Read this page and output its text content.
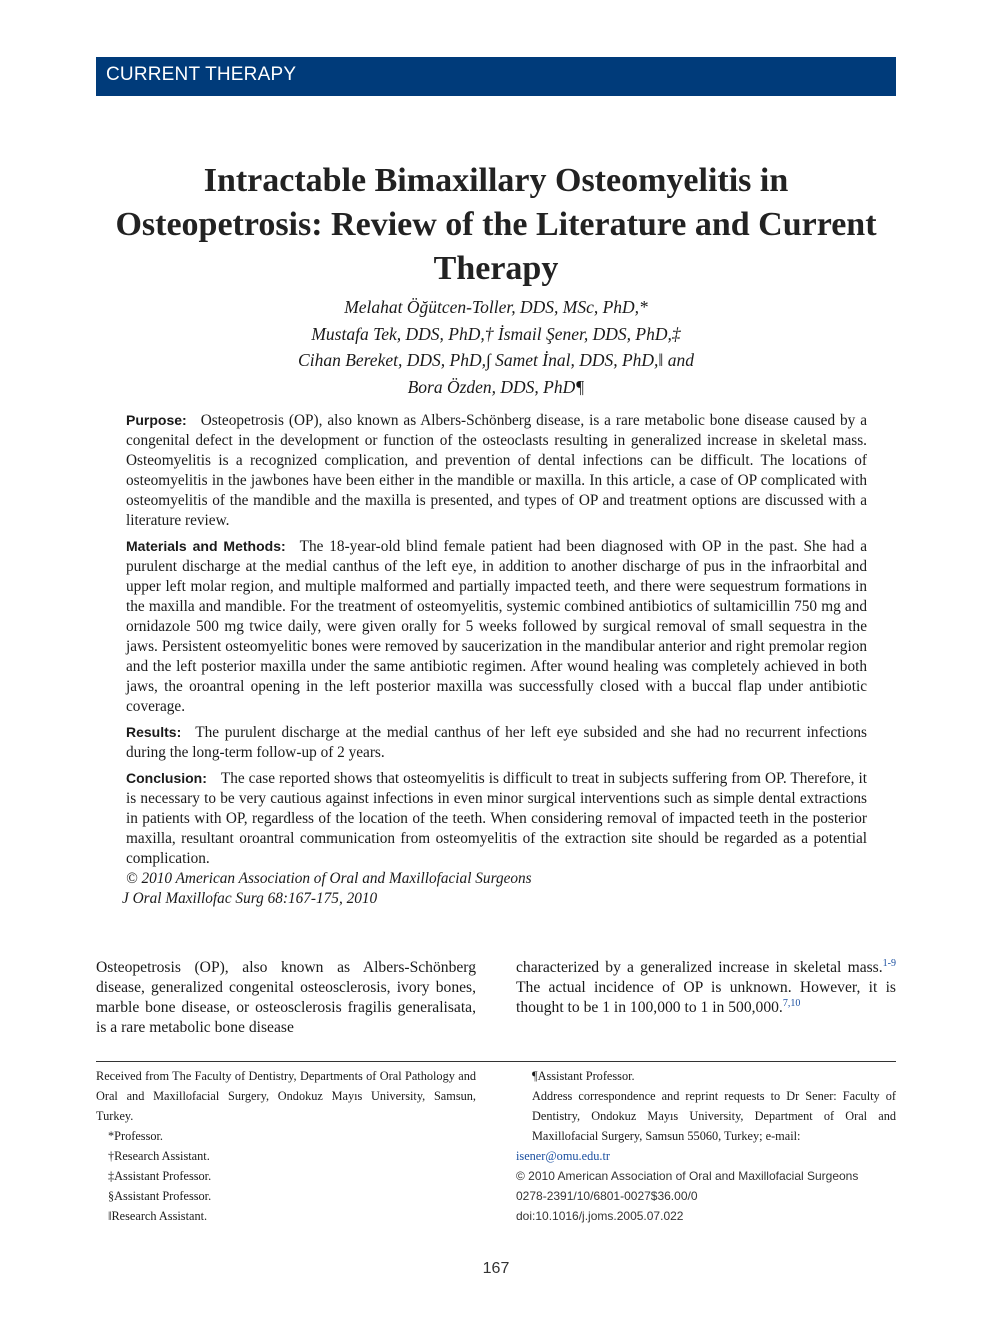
CURRENT THERAPY
Intractable Bimaxillary Osteomyelitis in Osteopetrosis: Review of the Literature and Current Therapy
Melahat Öğütcen-Toller, DDS, MSc, PhD,*
Mustafa Tek, DDS, PhD,† İsmail Şener, DDS, PhD,‡
Cihan Bereket, DDS, PhD,∫ Samet İnal, DDS, PhD,‖ and
Bora Özden, DDS, PhD¶

Purpose: Osteopetrosis (OP), also known as Albers-Schönberg disease, is a rare metabolic bone disease caused by a congenital defect in the development or function of the osteoclasts resulting in generalized increase in skeletal mass. Osteomyelitis is a recognized complication, and prevention of dental infections can be difficult. The locations of osteomyelitis in the jawbones have been either in the mandible or maxilla. In this article, a case of OP complicated with osteomyelitis of the mandible and the maxilla is presented, and types of OP and treatment options are discussed with a literature review.

Materials and Methods: The 18-year-old blind female patient had been diagnosed with OP in the past. She had a purulent discharge at the medial canthus of the left eye, in addition to another discharge of pus in the infraorbital and upper left molar region, and multiple malformed and partially impacted teeth, and there were sequestrum formations in the maxilla and mandible. For the treatment of osteomyelitis, systemic combined antibiotics of sultamicillin 750 mg and ornidazole 500 mg twice daily, were given orally for 5 weeks followed by surgical removal of small sequestra in the jaws. Persistent osteomyelitic bones were removed by saucerization in the mandibular anterior and right premolar region and the left posterior maxilla under the same antibiotic regimen. After wound healing was completely achieved in both jaws, the oroantral opening in the left posterior maxilla was successfully closed with a buccal flap under antibiotic coverage.

Results: The purulent discharge at the medial canthus of her left eye subsided and she had no recurrent infections during the long-term follow-up of 2 years.

Conclusion: The case reported shows that osteomyelitis is difficult to treat in subjects suffering from OP. Therefore, it is necessary to be very cautious against infections in even minor surgical interventions such as simple dental extractions in patients with OP, regardless of the location of the teeth. When considering removal of impacted teeth in the posterior maxilla, resultant oroantral communication from osteomyelitis of the extraction site should be regarded as a potential complication.

© 2010 American Association of Oral and Maxillofacial Surgeons
J Oral Maxillofac Surg 68:167-175, 2010

Osteopetrosis (OP), also known as Albers-Schönberg disease, generalized congenital osteosclerosis, ivory bones, marble bone disease, or osteosclerosis fragilis generalisata, is a rare metabolic bone disease

characterized by a generalized increase in skeletal mass.$^{1-9}$ The actual incidence of OP is unknown. However, it is thought to be 1 in 100,000 to 1 in 500,000.$^{7,10}$

Received from The Faculty of Dentistry, Departments of Oral Pathology and Oral and Maxillofacial Surgery, Ondokuz Mayıs University, Samsun, Turkey.

*Professor.

†Research Assistant.

‡Assistant Professor.

§Assistant Professor.

‖Research Assistant.

¶Assistant Professor.

Address correspondence and reprint requests to Dr Sener: Faculty of Dentistry, Ondokuz Mayıs University, Department of Oral and Maxillofacial Surgery, Samsun 55060, Turkey; e-mail:

isener@omu.edu.tr

© 2010 American Association of Oral and Maxillofacial Surgeons

0278-2391/10/6801-0027$36.00/0

doi:10.1016/j.joms.2005.07.022

167
